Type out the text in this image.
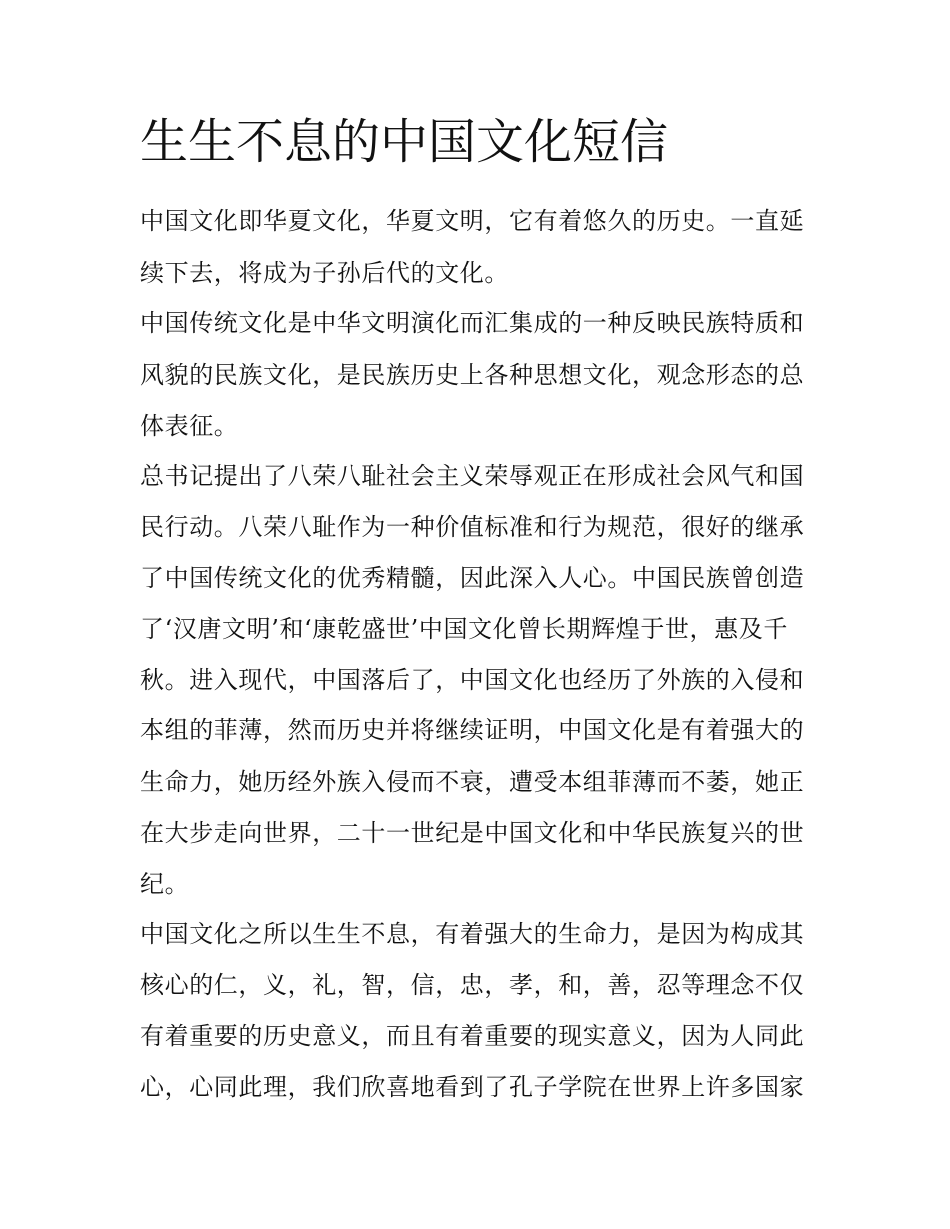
生生不息的中国文化短信
中国文化即华夏文化，华夏文明，它有着悠久的历史。一直延
续下去，将成为子孙后代的文化。
中国传统文化是中华文明演化而汇集成的一种反映民族特质和
风貌的民族文化，是民族历史上各种思想文化，观念形态的总
体表征。
总书记提出了八荣八耻社会主义荣辱观正在形成社会风气和国
民行动。八荣八耻作为一种价值标准和行为规范，很好的继承
了中国传统文化的优秀精髓，因此深入人心。中国民族曾创造
了‘汉唐文明’和‘康乾盛世’中国文化曾长期辉煌于世，惠及千
秋。进入现代，中国落后了，中国文化也经历了外族的入侵和
本组的菲薄，然而历史并将继续证明，中国文化是有着强大的
生命力，她历经外族入侵而不衰，遭受本组菲薄而不萎，她正
在大步走向世界，二十一世纪是中国文化和中华民族复兴的世
纪。
中国文化之所以生生不息，有着强大的生命力，是因为构成其
核心的仁，义，礼，智，信，忠，孝，和，善，忍等理念不仅
有着重要的历史意义，而且有着重要的现实意义，因为人同此
心，心同此理，我们欣喜地看到了孔子学院在世界上许多国家
